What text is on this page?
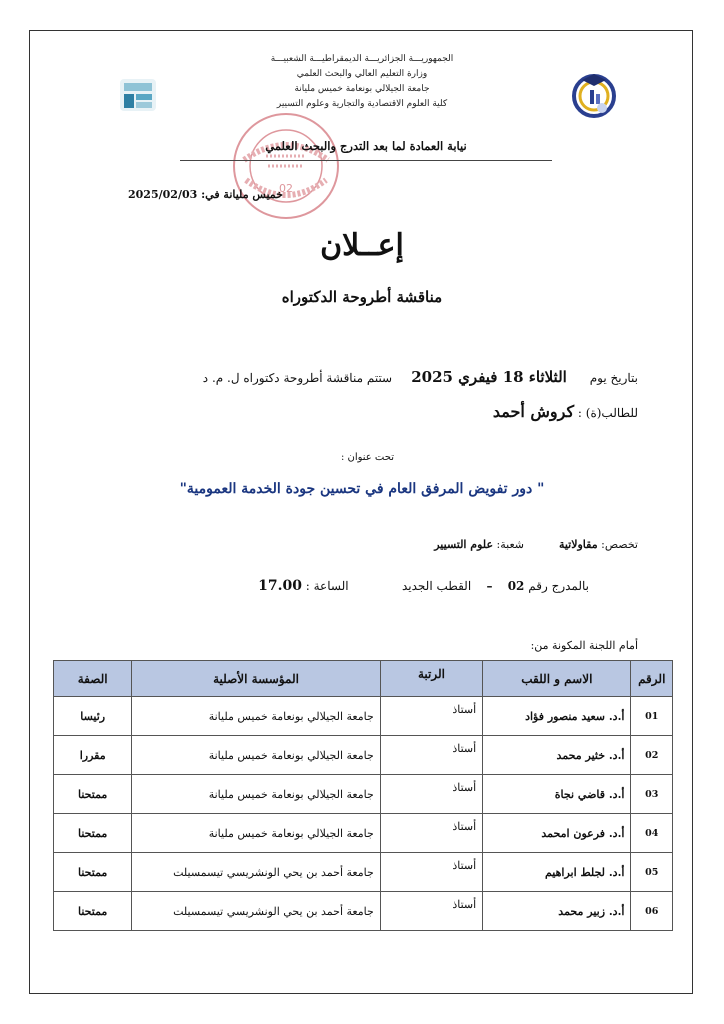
الجمهوريـــة الجزائريـــة الديمقراطيـــة الشعبيـــة
وزارة التعليم العالي والبحث العلمي
جامعة الجيلالي بونعامة خميس مليانة
كلية العلوم الاقتصادية والتجارية وعلوم التسيير
02
نيابة العمادة لما بعد التدرج والبحث العلمي
خميس مليانة في: 2025/02/03
إعــلان
مناقشة أطروحة الدكتوراه
بتاريخ يوم      الثلاثاء 18 فيفري 2025     ستتم مناقشة أطروحة دكتوراه ل. م. د
للطالب(ة) : كروش أحمد
تحت عنوان :
" دور تفويض المرفق العام في تحسين جودة الخدمة العمومية"
تخصص: مقاولاتية          شعبة: علوم التسيير
بالمدرج رقم 02    –    القطب الجديد              الساعة : 17.00
أمام اللجنة المكونة من:
الرقم	الاسم و اللقب	الرتبة	المؤسسة الأصلية	الصفة
01	أ.د. سعيد منصور فؤاد	أستاذ	جامعة الجيلالي بونعامة خميس مليانة	رئيسا
02	أ.د. خثير محمد	أستاذ	جامعة الجيلالي بونعامة خميس مليانة	مقررا
03	أ.د. قاضي نجاة	أستاذ	جامعة الجيلالي بونعامة خميس مليانة	ممتحنا
04	أ.د. فرعون امحمد	أستاذ	جامعة الجيلالي بونعامة خميس مليانة	ممتحنا
05	أ.د. لجلط ابراهيم	أستاذ	جامعة أحمد بن يحي الونشريسي تيسمسيلت	ممتحنا
06	أ.د. زبير محمد	أستاذ	جامعة أحمد بن يحي الونشريسي تيسمسيلت	ممتحنا
